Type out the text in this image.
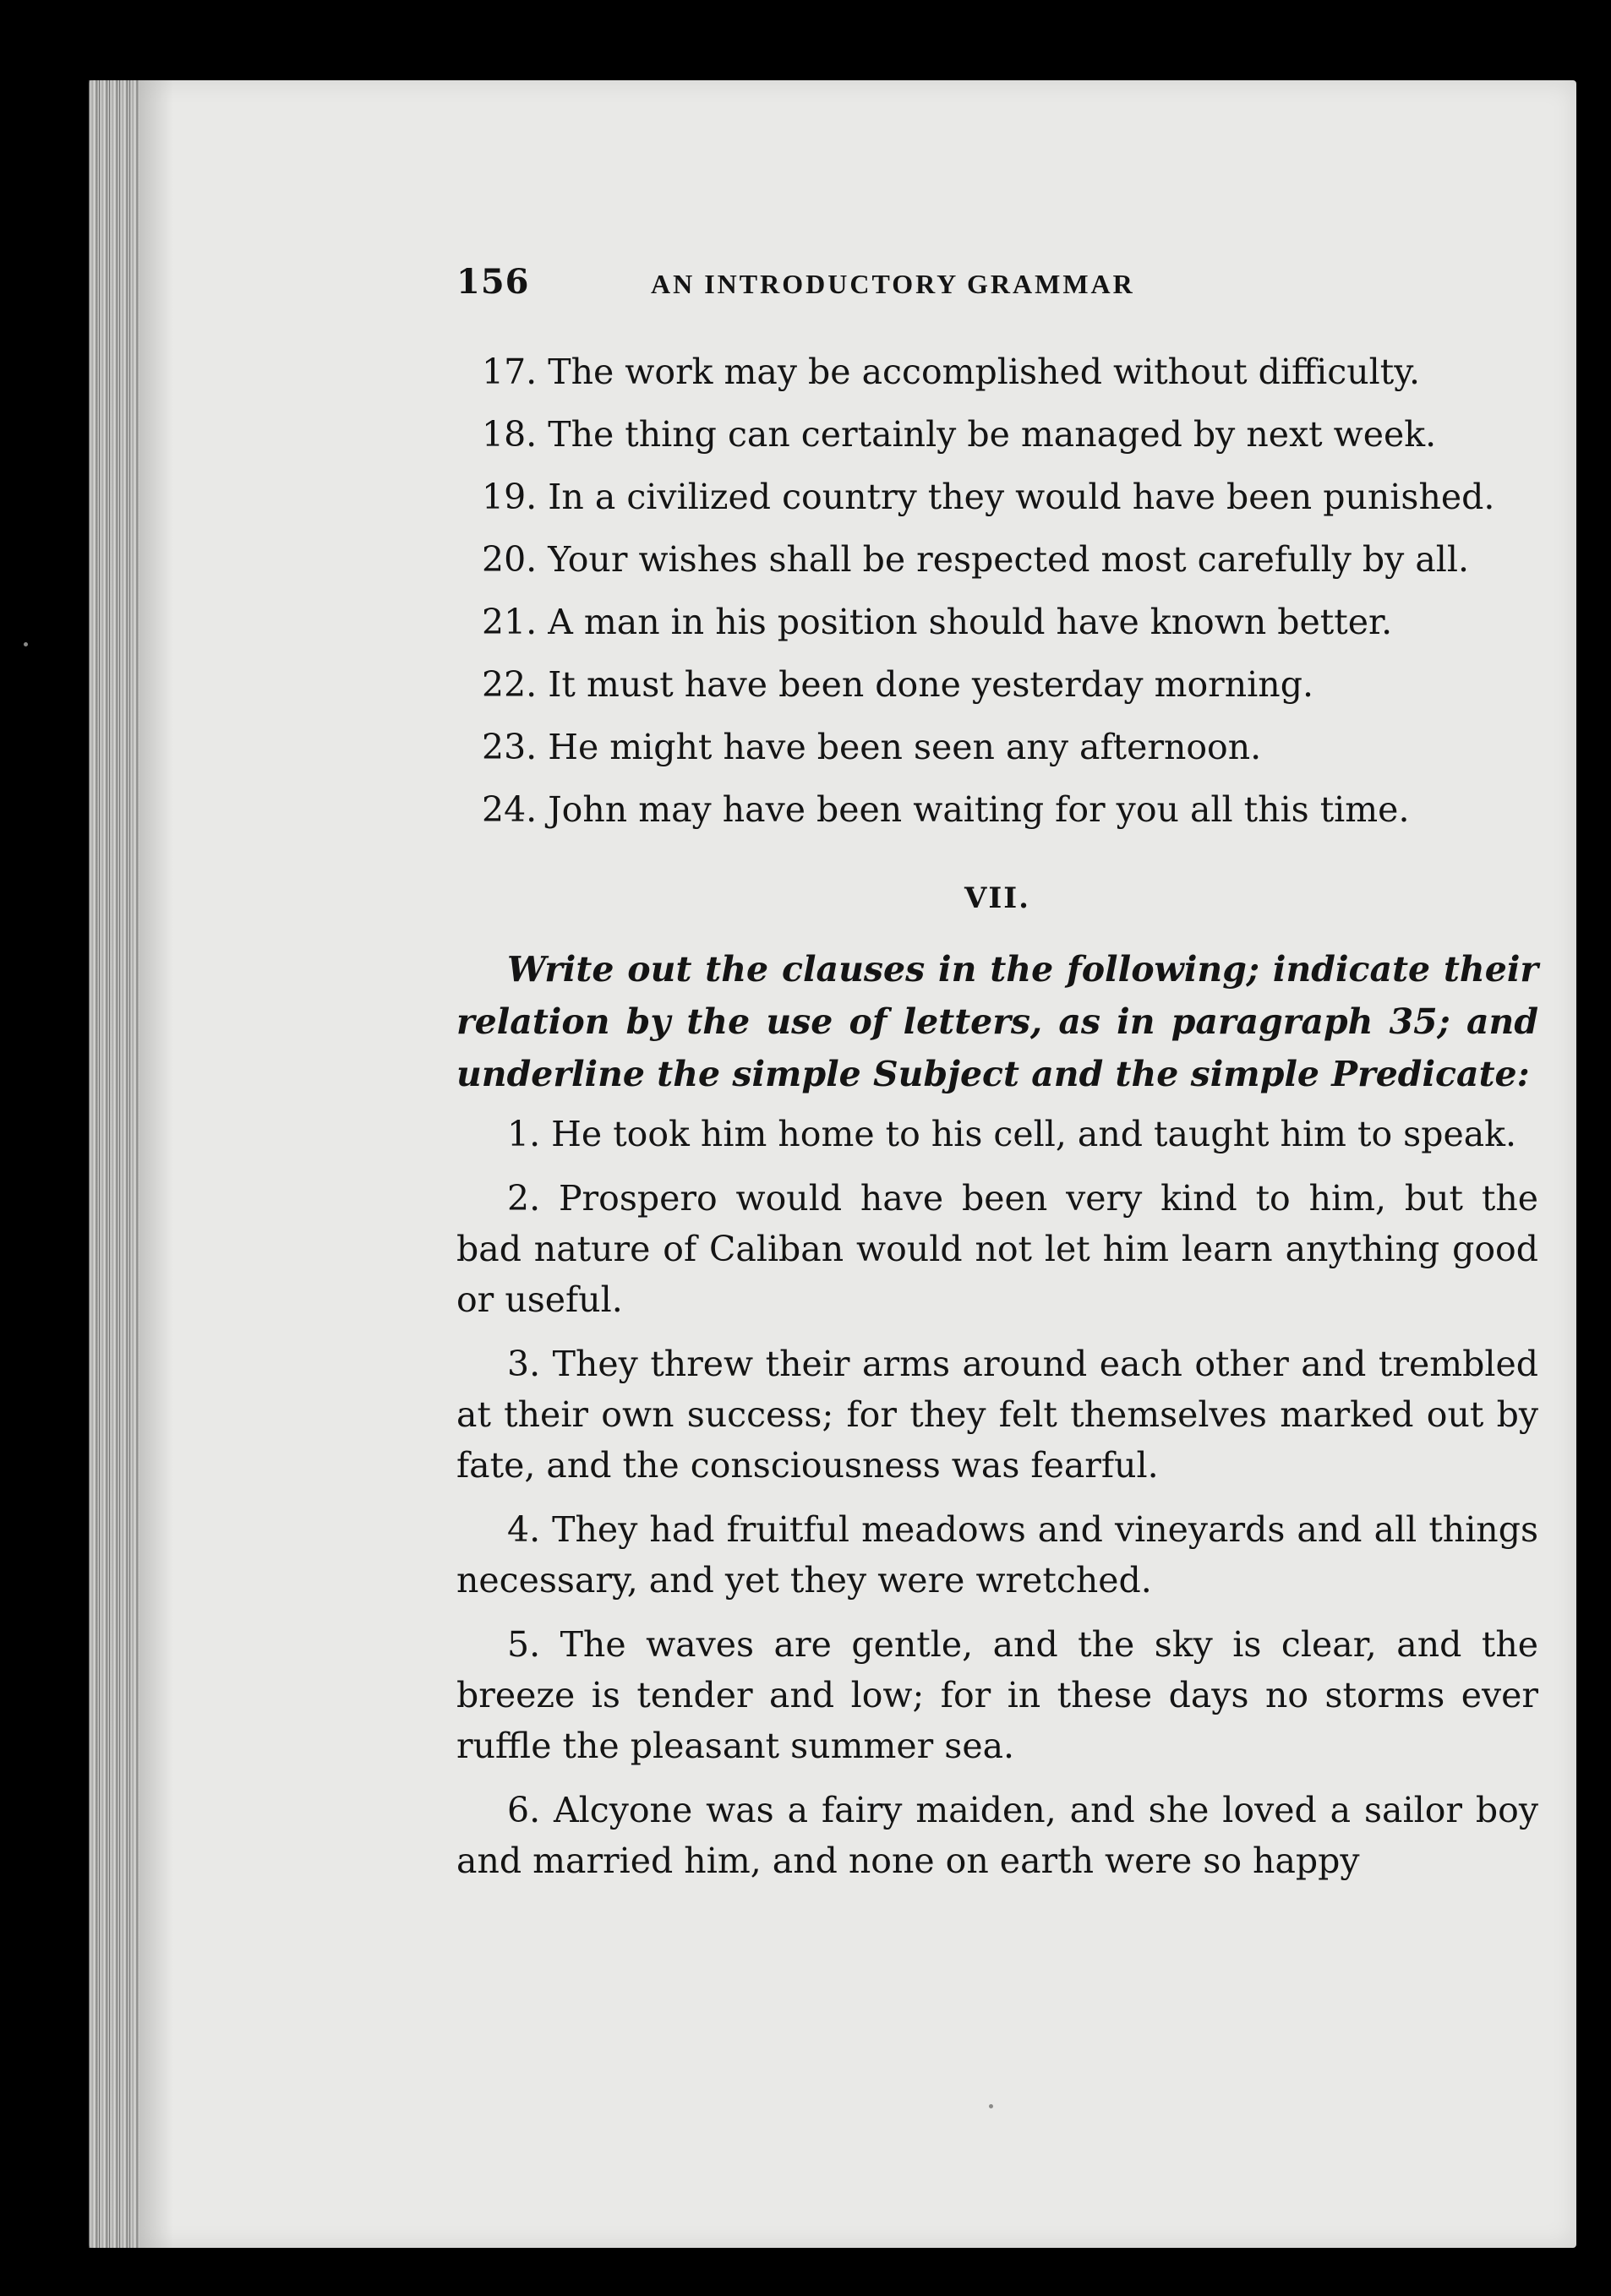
156	AN INTRODUCTORY GRAMMAR

17. The work may be accomplished without difficulty.

18. The thing can certainly be managed by next week.

19. In a civilized country they would have been punished.

20. Your wishes shall be respected most carefully by all.

21. A man in his position should have known better.

22. It must have been done yesterday morning.

23. He might have been seen any afternoon.

24. John may have been waiting for you all this time.

VII.

Write out the clauses in the following; indicate their relation by the use of letters, as in paragraph 35; and underline the simple Subject and the simple Predicate:

1. He took him home to his cell, and taught him to speak.

2. Prospero would have been very kind to him, but the bad nature of Caliban would not let him learn anything good or useful.

3. They threw their arms around each other and trembled at their own success; for they felt themselves marked out by fate, and the consciousness was fearful.

4. They had fruitful meadows and vineyards and all things necessary, and yet they were wretched.

5. The waves are gentle, and the sky is clear, and the breeze is tender and low; for in these days no storms ever ruffle the pleasant summer sea.

6. Alcyone was a fairy maiden, and she loved a sailor boy and married him, and none on earth were so happy
